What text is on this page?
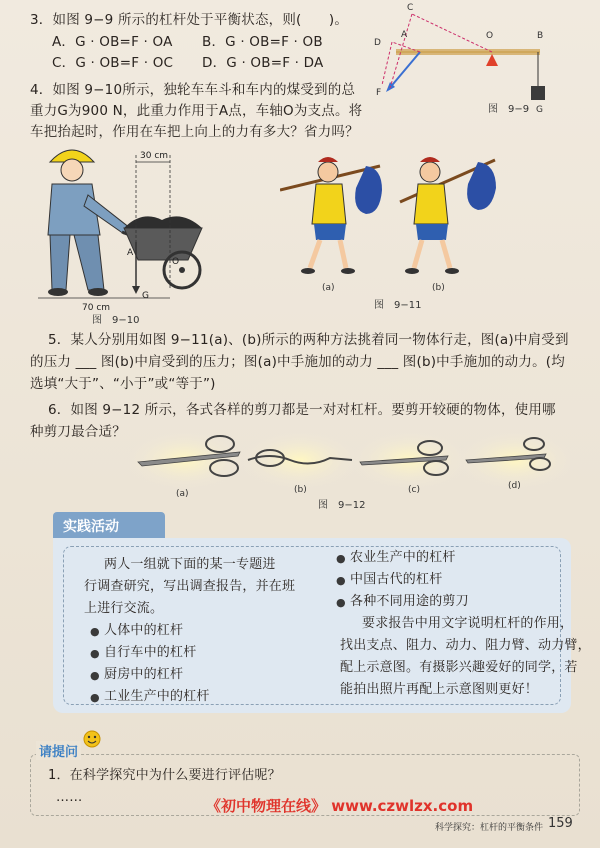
3．如图 9−9 所示的杠杆处于平衡状态，则(　　)。
A．G · OB=F · OA B．G · OB=F · OB
C．G · OB=F · OC D．G · OB=F · DA
C
A	O	B
D
F
G
图　9−9
4．如图 9−10所示，独轮车车斗和车内的煤受到的总
重力G为900 N，此重力作用于A点，车轴O为支点。将
车把抬起时，作用在车把上向上的力有多大？省力吗？
30 cm
70 cm
A
O
G
图　9−10
(a)	(b)
图　9−11
5．某人分别用如图 9−11(a)、(b)所示的两种方法挑着同一物体行走，图(a)中肩受到
的压力 ___ 图(b)中肩受到的压力；图(a)中手施加的动力 ___ 图(b)中手施加的动力。(均
选填“大于”、“小于”或“等于”)
6．如图 9−12 所示，各式各样的剪刀都是一对对杠杆。要剪开较硬的物体，使用哪
种剪刀最合适？
(a)	(b)	(c)	(d)
图　9−12
实践活动
两人一组就下面的某一专题进
行调查研究，写出调查报告，并在班
上进行交流。
● 人体中的杠杆
● 自行车中的杠杆
● 厨房中的杠杆
● 工业生产中的杠杆
● 农业生产中的杠杆
● 中国古代的杠杆
● 各种不同用途的剪刀
要求报告中用文字说明杠杆的作用，
找出支点、阻力、动力、阻力臂、动力臂，
配上示意图。有摄影兴趣爱好的同学，若
能拍出照片再配上示意图则更好！
请提问
1．在科学探究中为什么要进行评估呢？
……	《初中物理在线》 www.czwlzx.com
科学探究：杠杆的平衡条件 159
